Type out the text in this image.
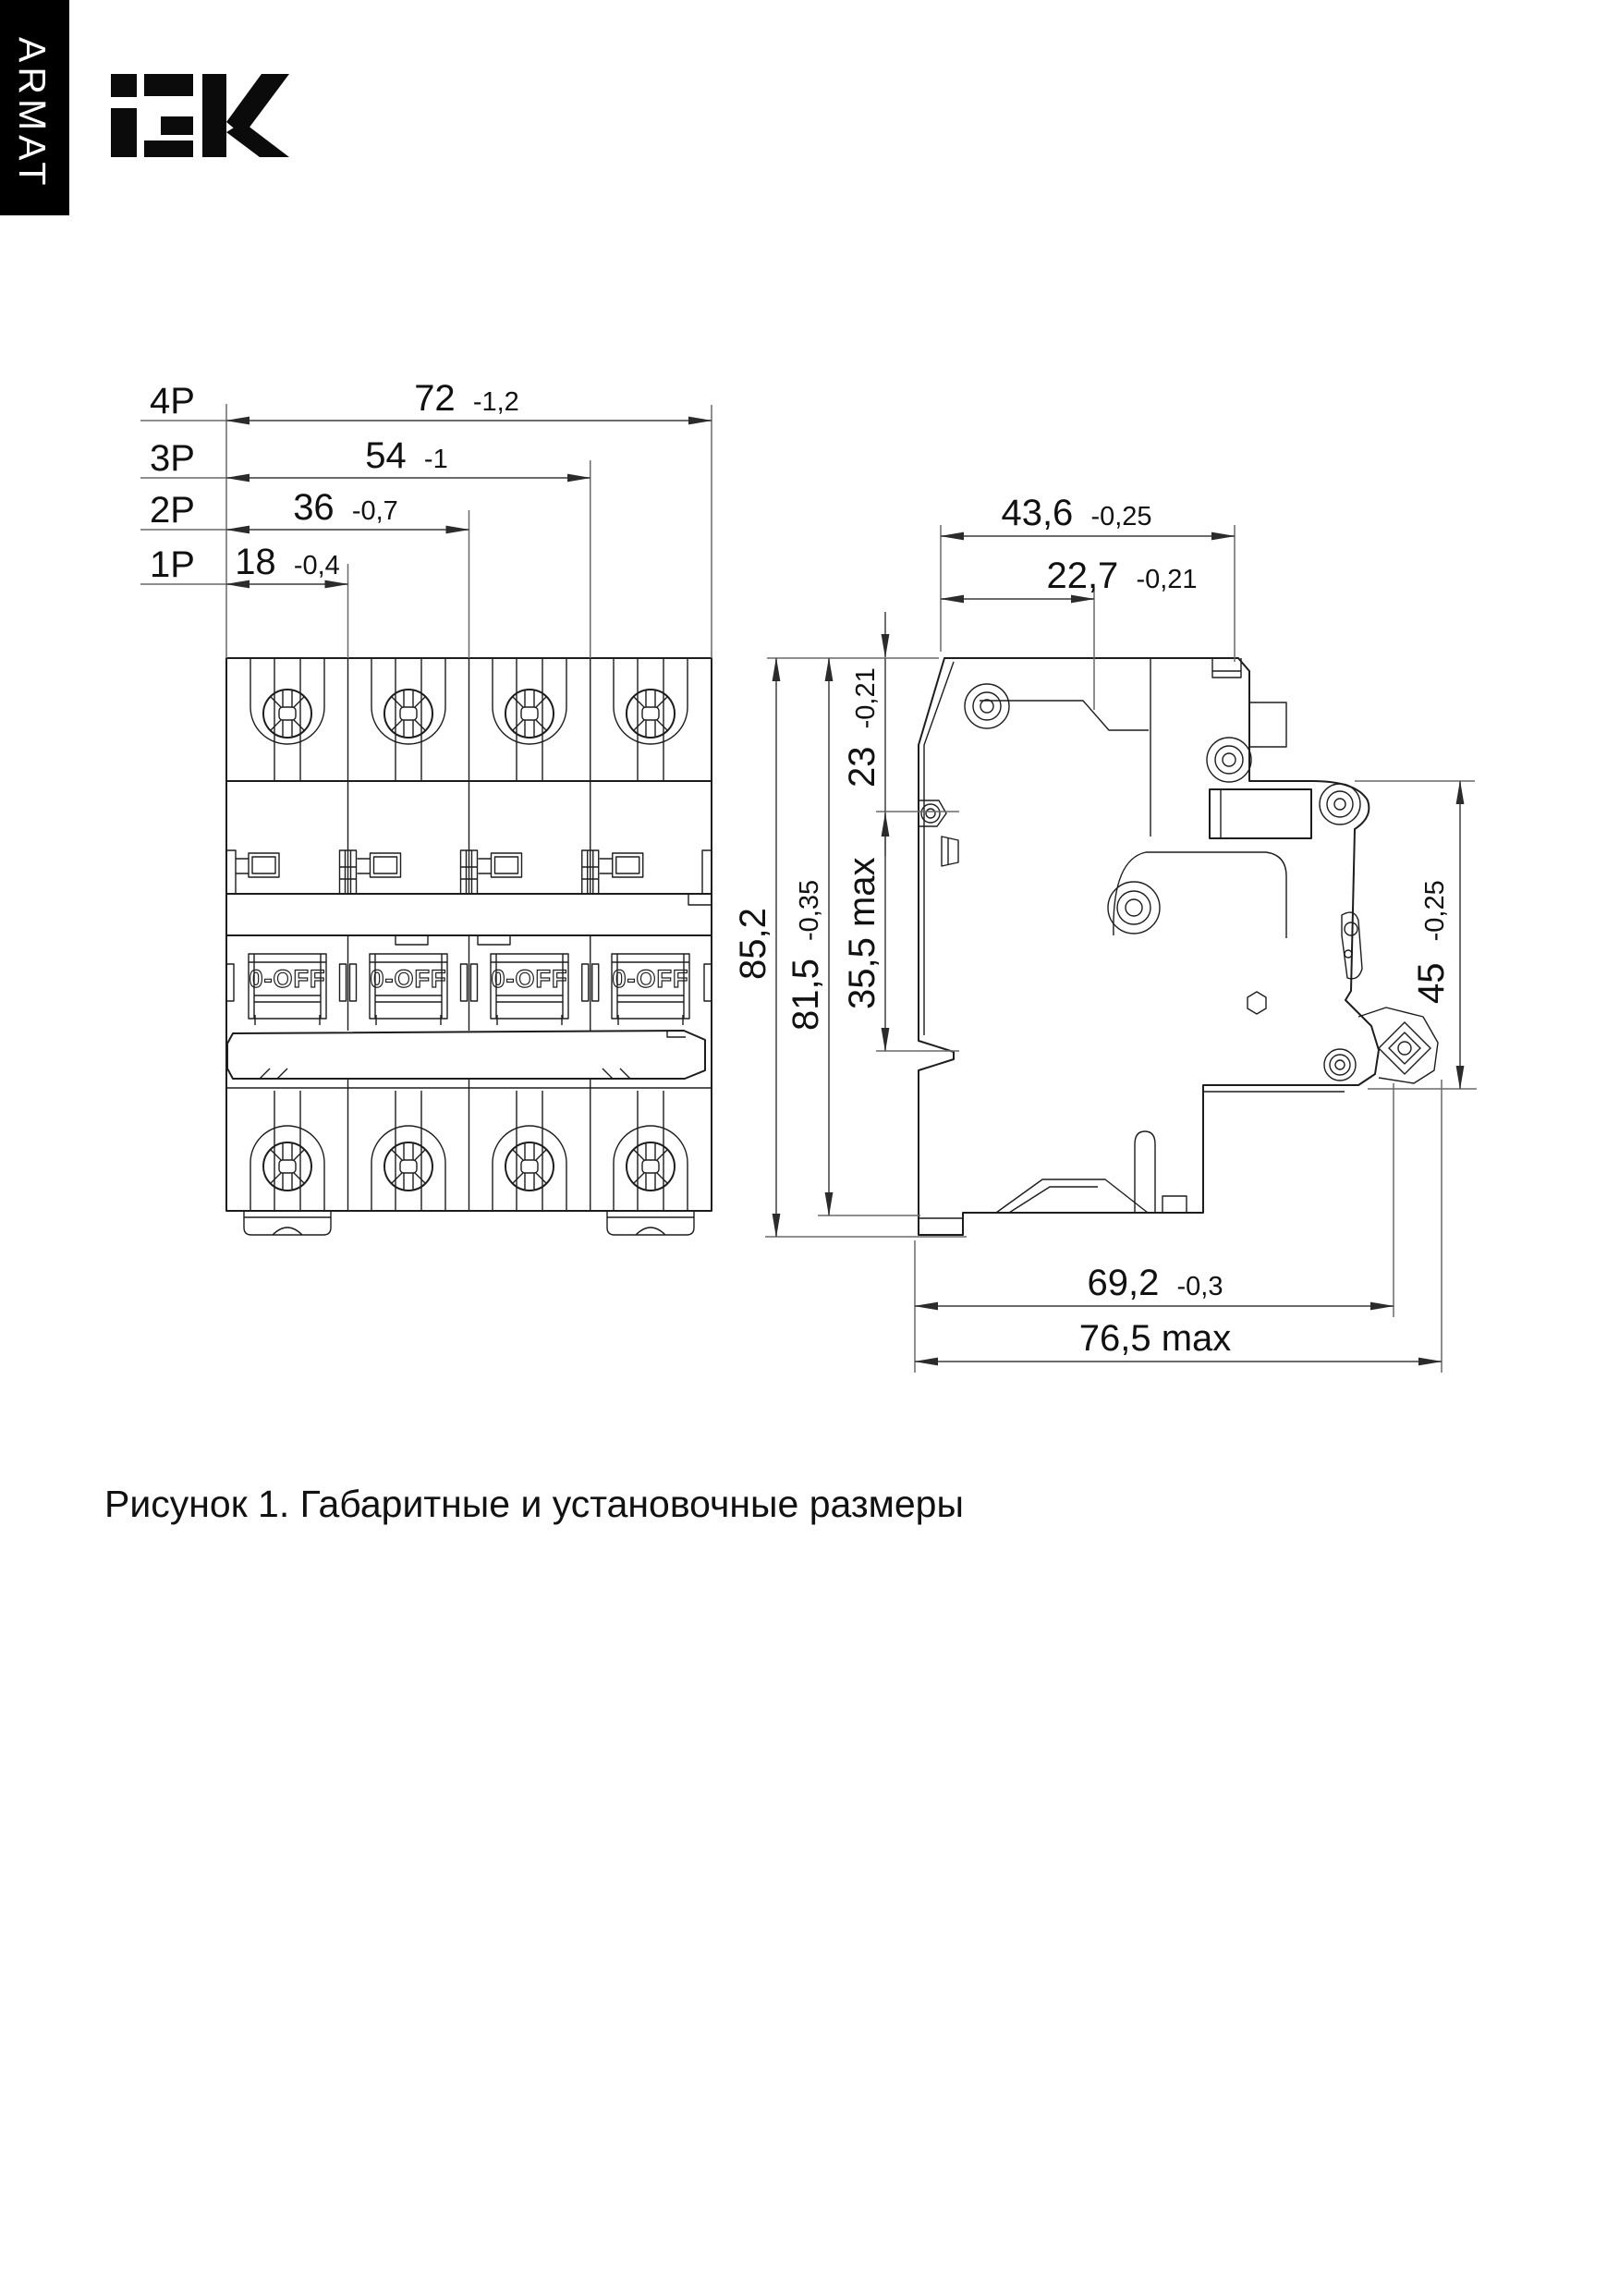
ARMAT
0-OFF 0-OFF 0-OFF 0-OFF
4P
3P
2P
1P
72 -1,2
54 -1
36 -0,7
18 -0,4
43,6 -0,25
22,7 -0,21
85,2
81,5 -0,35
23 -0,21
35,5 max	45 -0,25
69,2 -0,3
76,5 max
Рисунок 1. Габаритные и установочные размеры
